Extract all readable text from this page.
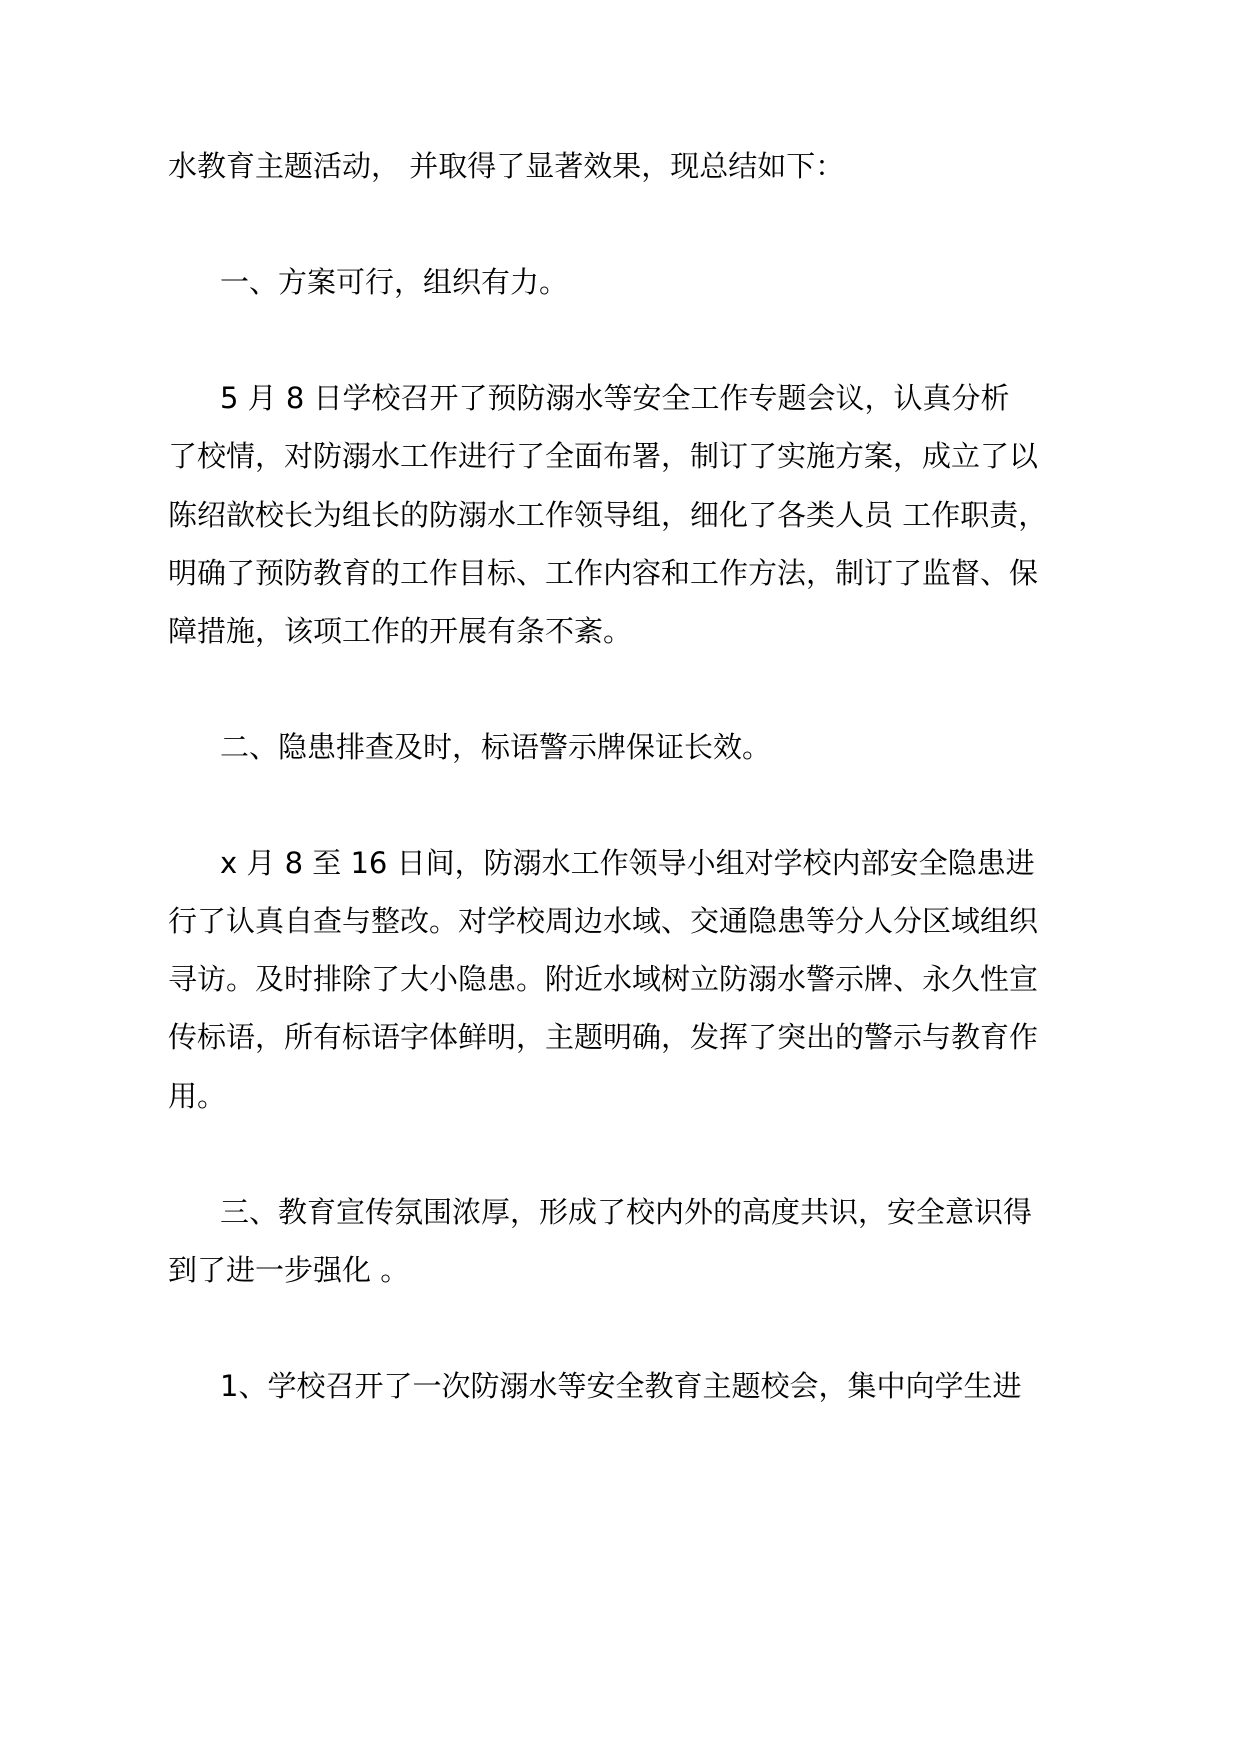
水教育主题活动， 并取得了显著效果，现总结如下：
一、方案可行，组织有力。
5 月 8 日学校召开了预防溺水等安全工作专题会议，认真分析
了校情，对防溺水工作进行了全面布署，制订了实施方案，成立了以
陈绍歆校长为组长的防溺水工作领导组，细化了各类人员 工作职责，
明确了预防教育的工作目标、工作内容和工作方法，制订了监督、保
障措施，该项工作的开展有条不紊。
二、隐患排查及时，标语警示牌保证长效。
x 月 8 至 16 日间，防溺水工作领导小组对学校内部安全隐患进
行了认真自查与整改。对学校周边水域、交通隐患等分人分区域组织
寻访。及时排除了大小隐患。附近水域树立防溺水警示牌、永久性宣
传标语，所有标语字体鲜明，主题明确，发挥了突出的警示与教育作
用。
三、教育宣传氛围浓厚，形成了校内外的高度共识，安全意识得
到了进一步强化 。
1、学校召开了一次防溺水等安全教育主题校会，集中向学生进
